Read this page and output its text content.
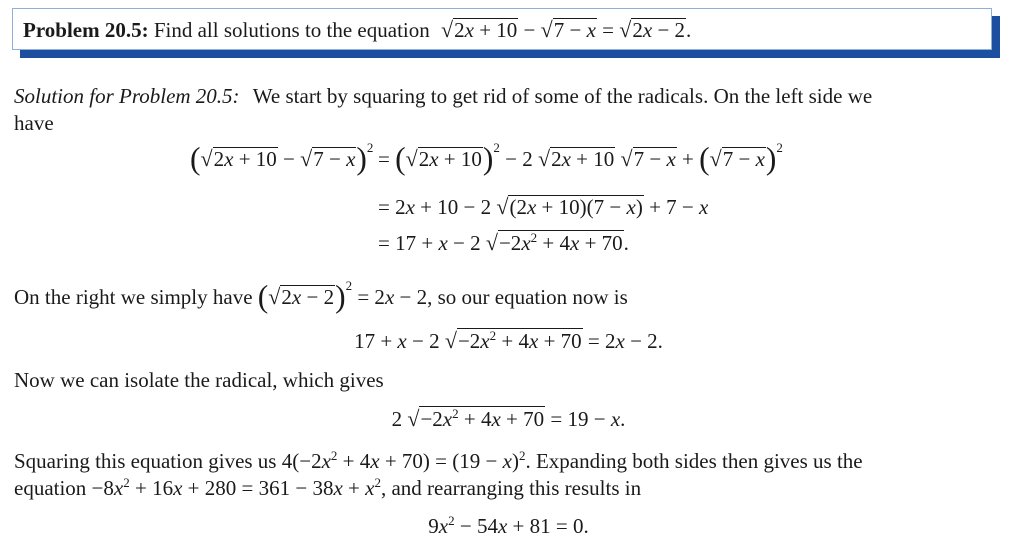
Problem 20.5: Find all solutions to the equation √2x + 10 − √7 − x = √2x − 2.
Solution for Problem 20.5: We start by squaring to get rid of some of the radicals. On the left side we
have
$(√2x + 10 - √7 - x)^2 = (√2x + 10)^2 - 2$ √2x + 10 $√7 - x + (√7 - x)^2$
= 2x + 10 − 2 √(2x + 10)(7 − x) + 7 − x
= 17 + x − 2 $√-2x^2 + 4x + 70$.
On the right we simply have $(√2x - 2)^2 = 2x - 2$, so our equation now is
17 + x − 2 $√-2x^2 + 4x + 70 = 2x - 2$.
Now we can isolate the radical, which gives
2 $√-2x^2 + 4x + 70 = 19 - x$.
Squaring this equation gives us $4(-2x^2 + 4x + 70) = (19 - x)^2$. Expanding both sides then gives us the
equation $-8x^2 + 16x + 280 = 361 - 38x + x^2$, and rearranging this results in
$9x^2 - 54x + 81 = 0$.
